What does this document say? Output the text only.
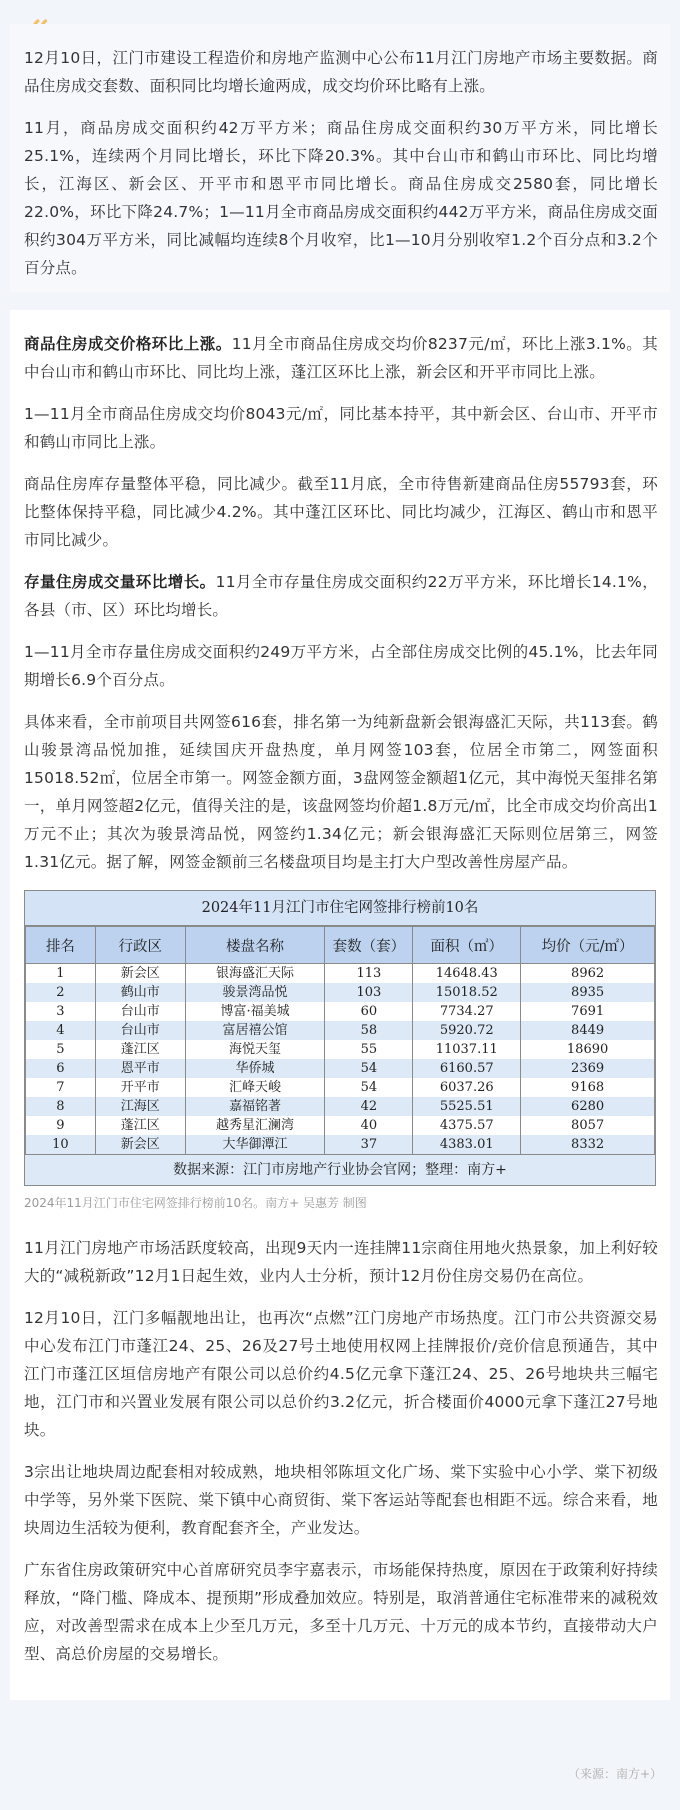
12月10日，江门市建设工程造价和房地产监测中心公布11月江门房地产市场主要数据。商品住房成交套数、面积同比均增长逾两成，成交均价环比略有上涨。

11月，商品房成交面积约42万平方米；商品住房成交面积约30万平方米，同比增长25.1%，连续两个月同比增长，环比下降20.3%。其中台山市和鹤山市环比、同比均增长，江海区、新会区、开平市和恩平市同比增长。商品住房成交2580套，同比增长22.0%，环比下降24.7%；1—11月全市商品房成交面积约442万平方米，商品住房成交面积约304万平方米，同比减幅均连续8个月收窄，比1—10月分别收窄1.2个百分点和3.2个百分点。

商品住房成交价格环比上涨。11月全市商品住房成交均价8237元/㎡，环比上涨3.1%。其中台山市和鹤山市环比、同比均上涨，蓬江区环比上涨，新会区和开平市同比上涨。

1—11月全市商品住房成交均价8043元/㎡，同比基本持平，其中新会区、台山市、开平市和鹤山市同比上涨。

商品住房库存量整体平稳，同比减少。截至11月底，全市待售新建商品住房55793套，环比整体保持平稳，同比减少4.2%。其中蓬江区环比、同比均减少，江海区、鹤山市和恩平市同比减少。

存量住房成交量环比增长。11月全市存量住房成交面积约22万平方米，环比增长14.1%，各县（市、区）环比均增长。

1—11月全市存量住房成交面积约249万平方米，占全部住房成交比例的45.1%，比去年同期增长6.9个百分点。

具体来看，全市前项目共网签616套，排名第一为纯新盘新会银海盛汇天际，共113套。鹤山骏景湾品悦加推，延续国庆开盘热度，单月网签103套，位居全市第二，网签面积15018.52㎡，位居全市第一。网签金额方面，3盘网签金额超1亿元，其中海悦天玺排名第一，单月网签超2亿元，值得关注的是，该盘网签均价超1.8万元/㎡，比全市成交均价高出1万元不止；其次为骏景湾品悦，网签约1.34亿元；新会银海盛汇天际则位居第三，网签1.31亿元。据了解，网签金额前三名楼盘项目均是主打大户型改善性房屋产品。

2024年11月江门市住宅网签排行榜前10名
排名	行政区	楼盘名称	套数（套）	面积（㎡）	均价（元/㎡）
1	新会区	银海盛汇天际	113	14648.43	8962
2	鹤山市	骏景湾品悦	103	15018.52	8935
3	台山市	博富·福美城	60	7734.27	7691
4	台山市	富居禧公馆	58	5920.72	8449
5	蓬江区	海悦天玺	55	11037.11	18690
6	恩平市	华侨城	54	6160.57	2369
7	开平市	汇峰天峻	54	6037.26	9168
8	江海区	嘉福铭著	42	5525.51	6280
9	蓬江区	越秀星汇澜湾	40	4375.57	8057
10	新会区	大华御潭江	37	4383.01	8332
数据来源：江门市房地产行业协会官网；整理：南方+
2024年11月江门市住宅网签排行榜前10名。南方+ 吴惠芳 制图

11月江门房地产市场活跃度较高，出现9天内一连挂牌11宗商住用地火热景象，加上利好较大的“减税新政”12月1日起生效，业内人士分析，预计12月份住房交易仍在高位。

12月10日，江门多幅靓地出让，也再次“点燃”江门房地产市场热度。江门市公共资源交易中心发布江门市蓬江24、25、26及27号土地使用权网上挂牌报价/竞价信息预通告，其中江门市蓬江区垣信房地产有限公司以总价约4.5亿元拿下蓬江24、25、26号地块共三幅宅地，江门市和兴置业发展有限公司以总价约3.2亿元，折合楼面价4000元拿下蓬江27号地块。

3宗出让地块周边配套相对较成熟，地块相邻陈垣文化广场、棠下实验中心小学、棠下初级中学等，另外棠下医院、棠下镇中心商贸街、棠下客运站等配套也相距不远。综合来看，地块周边生活较为便利，教育配套齐全，产业发达。

广东省住房政策研究中心首席研究员李宇嘉表示，市场能保持热度，原因在于政策利好持续释放，“降门槛、降成本、提预期”形成叠加效应。特别是，取消普通住宅标准带来的减税效应，对改善型需求在成本上少至几万元，多至十几万元、十万元的成本节约，直接带动大户型、高总价房屋的交易增长。

（来源：南方+）
